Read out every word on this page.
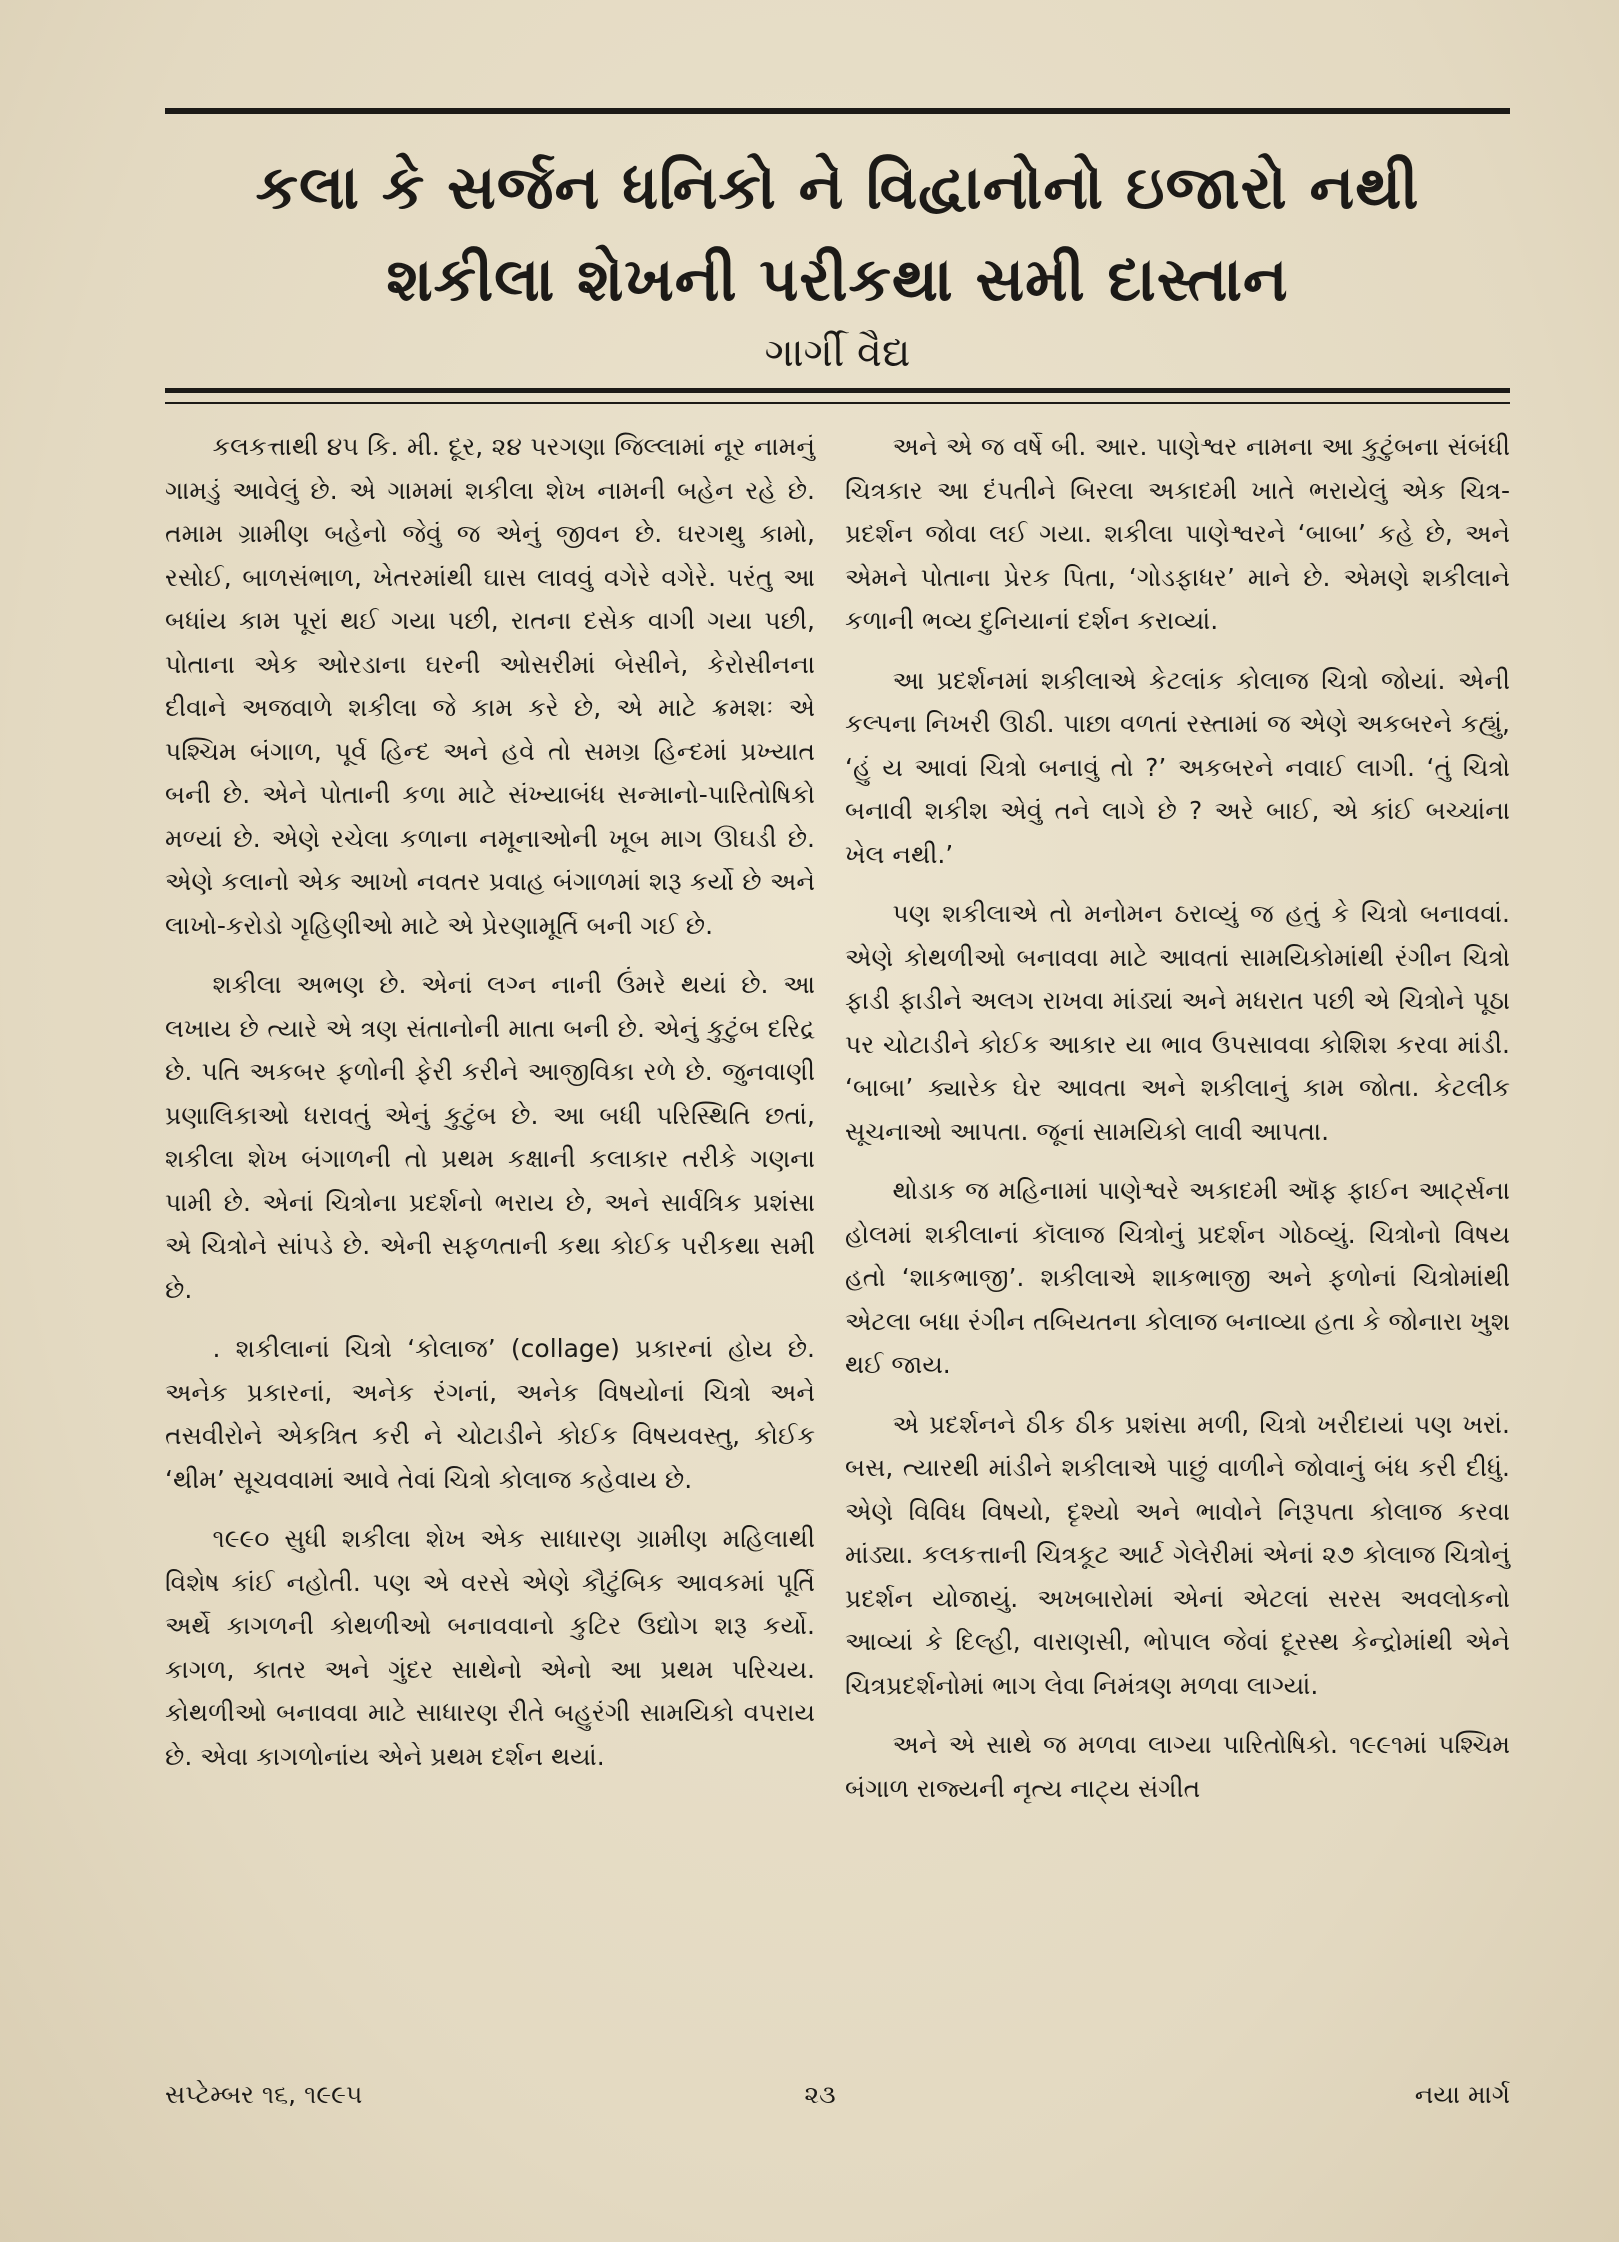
કલા કે સર્જન ધનિકો ને વિદ્વાનોનો ઇજારો નથી
શકીલા શેખની પરીકથા સમી દાસ્તાન
ગાર્ગી વૈદ્ય

કલકત્તાથી ૪૫ કિ. મી. દૂર, ૨૪ પરગણા જિલ્લામાં નૂર નામનું ગામડું આવેલું છે. એ ગામમાં શકીલા શેખ નામની બહેન રહે છે. તમામ ગ્રામીણ બહેનો જેવું જ એનું જીવન છે. ઘરગથુ કામો, રસોઈ, બાળસંભાળ, ખેતરમાંથી ઘાસ લાવવું વગેરે વગેરે. પરંતુ આ બધાંય કામ પૂરાં થઈ ગયા પછી, રાતના દસેક વાગી ગયા પછી, પોતાના એક ઓરડાના ઘરની ઓસરીમાં બેસીને, કેરોસીનના દીવાને અજવાળે શકીલા જે કામ કરે છે, એ માટે ક્રમશઃ એ પશ્ચિમ બંગાળ, પૂર્વ હિન્દ અને હવે તો સમગ્ર હિન્દમાં પ્રખ્યાત બની છે. એને પોતાની કળા માટે સંખ્યાબંધ સન્માનો-પારિતોષિકો મળ્યાં છે. એણે રચેલા કળાના નમૂનાઓની ખૂબ માગ ઊઘડી છે. એણે કલાનો એક આખો નવતર પ્રવાહ બંગાળમાં શરૂ કર્યો છે અને લાખો-કરોડો ગૃહિણીઓ માટે એ પ્રેરણામૂર્તિ બની ગઈ છે.

શકીલા અભણ છે. એનાં લગ્ન નાની ઉંમરે થયાં છે. આ લખાય છે ત્યારે એ ત્રણ સંતાનોની માતા બની છે. એનું કુટુંબ દરિદ્ર છે. પતિ અકબર ફળોની ફેરી કરીને આજીવિકા રળે છે. જુનવાણી પ્રણાલિકાઓ ધરાવતું એનું કુટુંબ છે. આ બધી પરિસ્થિતિ છતાં, શકીલા શેખ બંગાળની તો પ્રથમ કક્ષાની કલાકાર તરીકે ગણના પામી છે. એનાં ચિત્રોના પ્રદર્શનો ભરાય છે, અને સાર્વત્રિક પ્રશંસા એ ચિત્રોને સાંપડે છે. એની સફળતાની કથા કોઈક પરીકથા સમી છે.

. શકીલાનાં ચિત્રો ‘કોલાજ’ (collage) પ્રકારનાં હોય છે. અનેક પ્રકારનાં, અનેક રંગનાં, અનેક વિષયોનાં ચિત્રો અને તસવીરોને એકત્રિત કરી ને ચોટાડીને કોઈક વિષયવસ્તુ, કોઈક ‘થીમ’ સૂચવવામાં આવે તેવાં ચિત્રો કોલાજ કહેવાય છે.

૧૯૯૦ સુધી શકીલા શેખ એક સાધારણ ગ્રામીણ મહિલાથી વિશેષ કાંઈ નહોતી. પણ એ વરસે એણે કૌટુંબિક આવકમાં પૂર્તિ અર્થે કાગળની કોથળીઓ બનાવવાનો કુટિર ઉદ્યોગ શરૂ કર્યો. કાગળ, કાતર અને ગુંદર સાથેનો એનો આ પ્રથમ પરિચય. કોથળીઓ બનાવવા માટે સાધારણ રીતે બહુરંગી સામયિકો વપરાય છે. એવા કાગળોનાંય એને પ્રથમ દર્શન થયાં.

અને એ જ વર્ષે બી. આર. પાણેશ્વર નામના આ કુટુંબના સંબંધી ચિત્રકાર આ દંપતીને બિરલા અકાદમી ખાતે ભરાયેલું એક ચિત્ર-પ્રદર્શન જોવા લઈ ગયા. શકીલા પાણેશ્વરને ‘બાબા’ કહે છે, અને એમને પોતાના પ્રેરક પિતા, ‘ગોડફાધર’ માને છે. એમણે શકીલાને કળાની ભવ્ય દુનિયાનાં દર્શન કરાવ્યાં.

આ પ્રદર્શનમાં શકીલાએ કેટલાંક કોલાજ ચિત્રો જોયાં. એની કલ્પના નિખરી ઊઠી. પાછા વળતાં રસ્તામાં જ એણે અકબરને કહ્યું, ‘હું ય આવાં ચિત્રો બનાવું તો ?’ અકબરને નવાઈ લાગી. ‘તું ચિત્રો બનાવી શકીશ એવું તને લાગે છે ? અરે બાઈ, એ કાંઈ બચ્ચાંના ખેલ નથી.’

પણ શકીલાએ તો મનોમન ઠરાવ્યું જ હતું કે ચિત્રો બનાવવાં. એણે કોથળીઓ બનાવવા માટે આવતાં સામયિકોમાંથી રંગીન ચિત્રો ફાડી ફાડીને અલગ રાખવા માંડ્યાં અને મધરાત પછી એ ચિત્રોને પૂઠા પર ચોટાડીને કોઈક આકાર યા ભાવ ઉપસાવવા કોશિશ કરવા માંડી. ‘બાબા’ ક્યારેક ઘેર આવતા અને શકીલાનું કામ જોતા. કેટલીક સૂચનાઓ આપતા. જૂનાં સામયિકો લાવી આપતા.

થોડાક જ મહિનામાં પાણેશ્વરે અકાદમી ઑફ ફાઈન આર્ટ્સના હોલમાં શકીલાનાં કૉલાજ ચિત્રોનું પ્રદર્શન ગોઠવ્યું. ચિત્રોનો વિષય હતો ‘શાકભાજી’. શકીલાએ શાકભાજી અને ફળોનાં ચિત્રોમાંથી એટલા બધા રંગીન તબિયતના કોલાજ બનાવ્યા હતા કે જોનારા ખુશ થઈ જાય.

એ પ્રદર્શનને ઠીક ઠીક પ્રશંસા મળી, ચિત્રો ખરીદાયાં પણ ખરાં. બસ, ત્યારથી માંડીને શકીલાએ પાછું વાળીને જોવાનું બંધ કરી દીધું. એણે વિવિધ વિષયો, દૃશ્યો અને ભાવોને નિરૂપતા કોલાજ કરવા માંડ્યા. કલકત્તાની ચિત્રકૂટ આર્ટ ગેલેરીમાં એનાં ૨૭ કોલાજ ચિત્રોનું પ્રદર્શન યોજાયું. અખબારોમાં એનાં એટલાં સરસ અવલોકનો આવ્યાં કે દિલ્હી, વારાણસી, ભોપાલ જેવાં દૂરસ્થ કેન્દ્રોમાંથી એને ચિત્રપ્રદર્શનોમાં ભાગ લેવા નિમંત્રણ મળવા લાગ્યાં.

અને એ સાથે જ મળવા લાગ્યા પારિતોષિકો. ૧૯૯૧માં પશ્ચિમ બંગાળ રાજ્યની નૃત્ય નાટ્ય સંગીત

સપ્ટેમ્બર ૧૬, ૧૯૯૫	૨૩	નયા માર્ગ
